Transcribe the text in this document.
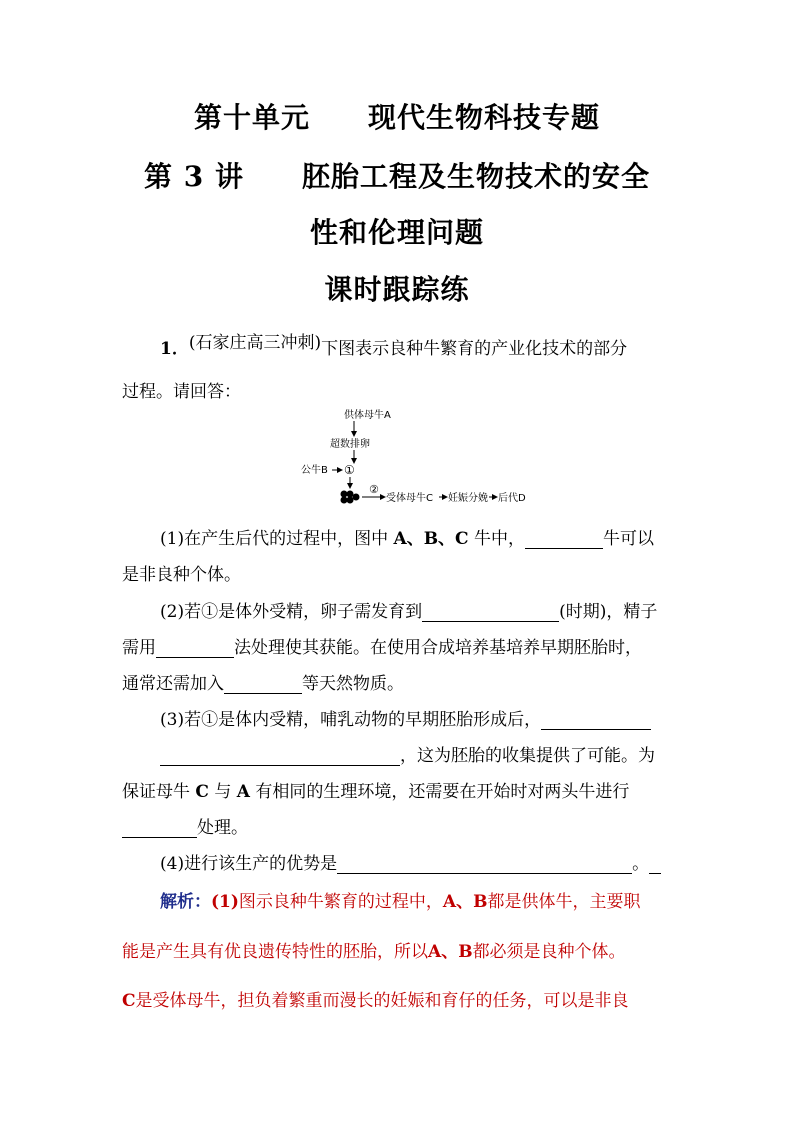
第十单元　　现代生物科技专题
第 3 讲　　胚胎工程及生物技术的安全
性和伦理问题
课时跟踪练
1．(石家庄高三冲刺)下图表示良种牛繁育的产业化技术的部分
过程。请回答：
供体母牛A
超数排卵
公牛B ①
②
受体母牛C 妊娠分娩 后代D
(1)在产生后代的过程中，图中 A、B、C 牛中，	牛可以
是非良种个体。
(2)若①是体外受精，卵子需发育到	(时期)，精子
需用	法处理使其获能。在使用合成培养基培养早期胚胎时，
通常还需加入	等天然物质。
(3)若①是体内受精，哺乳动物的早期胚胎形成后，
，这为胚胎的收集提供了可能。为
保证母牛 C 与 A 有相同的生理环境，还需要在开始时对两头牛进行
处理。
(4)进行该生产的优势是	。
解析：(1)图示良种牛繁育的过程中，A、B都是供体牛，主要职
能是产生具有优良遗传特性的胚胎，所以A、B都必须是良种个体。
C是受体母牛，担负着繁重而漫长的妊娠和育仔的任务，可以是非良
